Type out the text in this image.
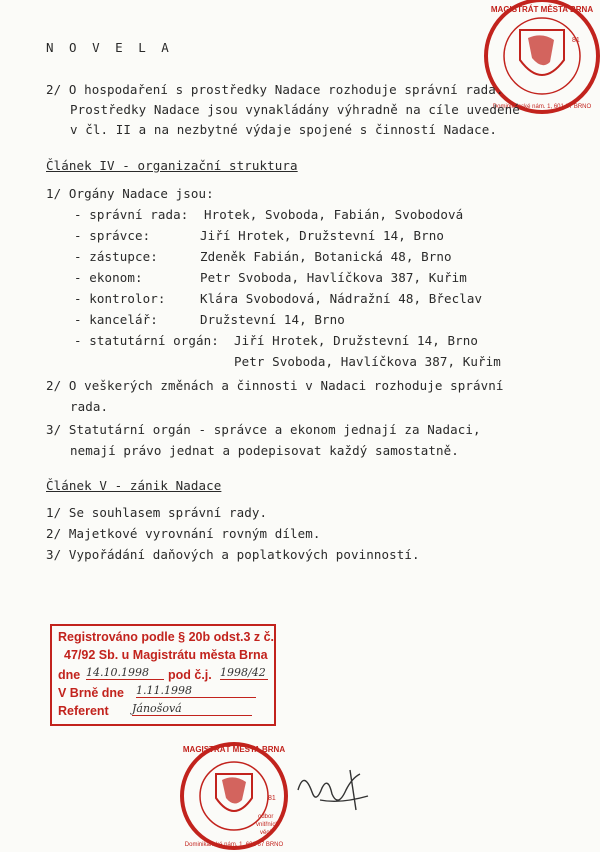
MAGISTRÁT MĚSTA BRNA
Dominikánské nám. 1, 601 67 BRNO
81
N O V E L A
2/ O hospodaření s prostředky Nadace rozhoduje správní rada.
Prostředky Nadace jsou vynakládány výhradně na cíle uvedené
v čl. II a na nezbytné výdaje spojené s činností Nadace.
Článek IV - organizační struktura
1/ Orgány Nadace jsou:
- správní rada: Hrotek, Svoboda, Fabián, Svobodová
- správce:	Jiří Hrotek, Družstevní 14, Brno
- zástupce:	Zdeněk Fabián, Botanická 48, Brno
- ekonom:	Petr Svoboda, Havlíčkova 387, Kuřim
- kontrolor:	Klára Svobodová, Nádražní 48, Břeclav
- kancelář:	Družstevní 14, Brno
- statutární orgán: Jiří Hrotek, Družstevní 14, Brno
Petr Svoboda, Havlíčkova 387, Kuřim
2/ O veškerých změnách a činnosti v Nadaci rozhoduje správní
rada.
3/ Statutární orgán - správce a ekonom jednají za Nadaci,
nemají právo jednat a podepisovat každý samostatně.
Článek V - zánik Nadace
1/ Se souhlasem správní rady.
2/ Majetkové vyrovnání rovným dílem.
3/ Vypořádání daňových a poplatkových povinností.
Registrováno podle § 20b odst.3 z č.
47/92 Sb. u Magistrátu města Brna
dne 14.10.1998	pod č.j. 1998/42
V Brně dne 1.11.1998
Referent Jánošová
MAGISTRÁT MĚSTA BRNA
odbor
vnitřních
věcí
Dominikánské nám. 1, 601 67 BRNO
81
